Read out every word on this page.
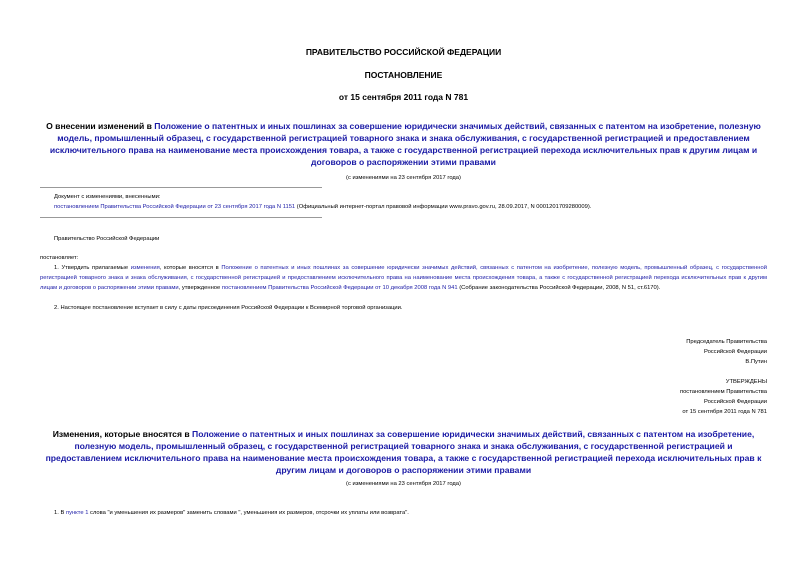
ПРАВИТЕЛЬСТВО РОССИЙСКОЙ ФЕДЕРАЦИИ
ПОСТАНОВЛЕНИЕ
от 15 сентября 2011 года N 781
О внесении изменений в Положение о патентных и иных пошлинах за совершение юридически значимых действий, связанных с патентом на изобретение, полезную модель, промышленный образец, с государственной регистрацией товарного знака и знака обслуживания, с государственной регистрацией и предоставлением исключительного права на наименование места происхождения товара, а также с государственной регистрацией перехода исключительных прав к другим лицам и договоров о распоряжении этими правами
(с изменениями на 23 сентября 2017 года)
Документ с изменениями, внесенными:
постановлением Правительства Российской Федерации от 23 сентября 2017 года N 1151 (Официальный интернет-портал правовой информации www.pravo.gov.ru, 28.09.2017, N 0001201709280009).
Правительство Российской Федерации
постановляет:
1. Утвердить прилагаемые изменения, которые вносятся в Положение о патентных и иных пошлинах за совершение юридически значимых действий, связанных с патентом на изобретение, полезную модель, промышленный образец, с государственной регистрацией товарного знака и знака обслуживания, с государственной регистрацией и предоставлением исключительного права на наименование места происхождения товара, а также с государственной регистрацией перехода исключительных прав к другим лицам и договоров о распоряжении этими правами, утвержденное постановлением Правительства Российской Федерации от 10 декабря 2008 года N 941 (Собрание законодательства Российской Федерации, 2008, N 51, ст.6170).
2. Настоящее постановление вступает в силу с даты присоединения Российской Федерации к Всемирной торговой организации.
Председатель Правительства
Российской Федерации
В.Путин
УТВЕРЖДЕНЫ
постановлением Правительства
Российской Федерации
от 15 сентября 2011 года N 781
Изменения, которые вносятся в Положение о патентных и иных пошлинах за совершение юридически значимых действий, связанных с патентом на изобретение, полезную модель, промышленный образец, с государственной регистрацией товарного знака и знака обслуживания, с государственной регистрацией и предоставлением исключительного права на наименование места происхождения товара, а также с государственной регистрацией перехода исключительных прав к другим лицам и договоров о распоряжении этими правами
(с изменениями на 23 сентября 2017 года)
1. В пункте 1 слова "и уменьшения их размеров" заменить словами ", уменьшения их размеров, отсрочки их уплаты или возврата".
